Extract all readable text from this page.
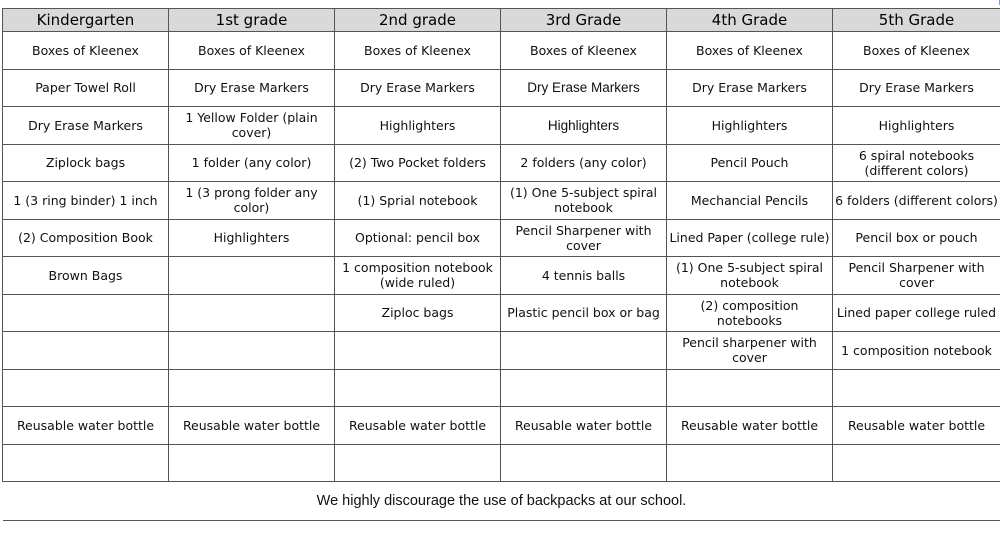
Kindergarten	1st grade	2nd grade	3rd Grade	4th Grade	5th Grade
Boxes of Kleenex	Boxes of Kleenex	Boxes of Kleenex	Boxes of Kleenex	Boxes of Kleenex	Boxes of Kleenex
Paper Towel Roll	Dry Erase Markers	Dry Erase Markers	Dry Erase Markers	Dry Erase Markers	Dry Erase Markers
Dry Erase Markers	1 Yellow Folder (plain cover)	Highlighters	Highlighters	Highlighters	Highlighters
Ziplock bags	1 folder (any color)	(2) Two Pocket folders	2 folders (any color)	Pencil Pouch	6 spiral notebooks (different colors)
1 (3 ring binder) 1 inch	1 (3 prong folder any color)	(1) Sprial notebook	(1) One 5-subject spiral notebook	Mechancial Pencils	6 folders (different colors)
(2) Composition Book	Highlighters	Optional: pencil box	Pencil Sharpener with cover	Lined Paper (college rule)	Pencil box or pouch
Brown Bags		1 composition notebook (wide ruled)	4 tennis balls	(1) One 5-subject spiral notebook	Pencil Sharpener with cover
		Ziploc bags	Plastic pencil box or bag	(2) composition notebooks	Lined paper college ruled
				Pencil sharpener with cover	1 composition notebook

Reusable water bottle	Reusable water bottle	Reusable water bottle	Reusable water bottle	Reusable water bottle	Reusable water bottle

We highly discourage the use of backpacks at our school.					
